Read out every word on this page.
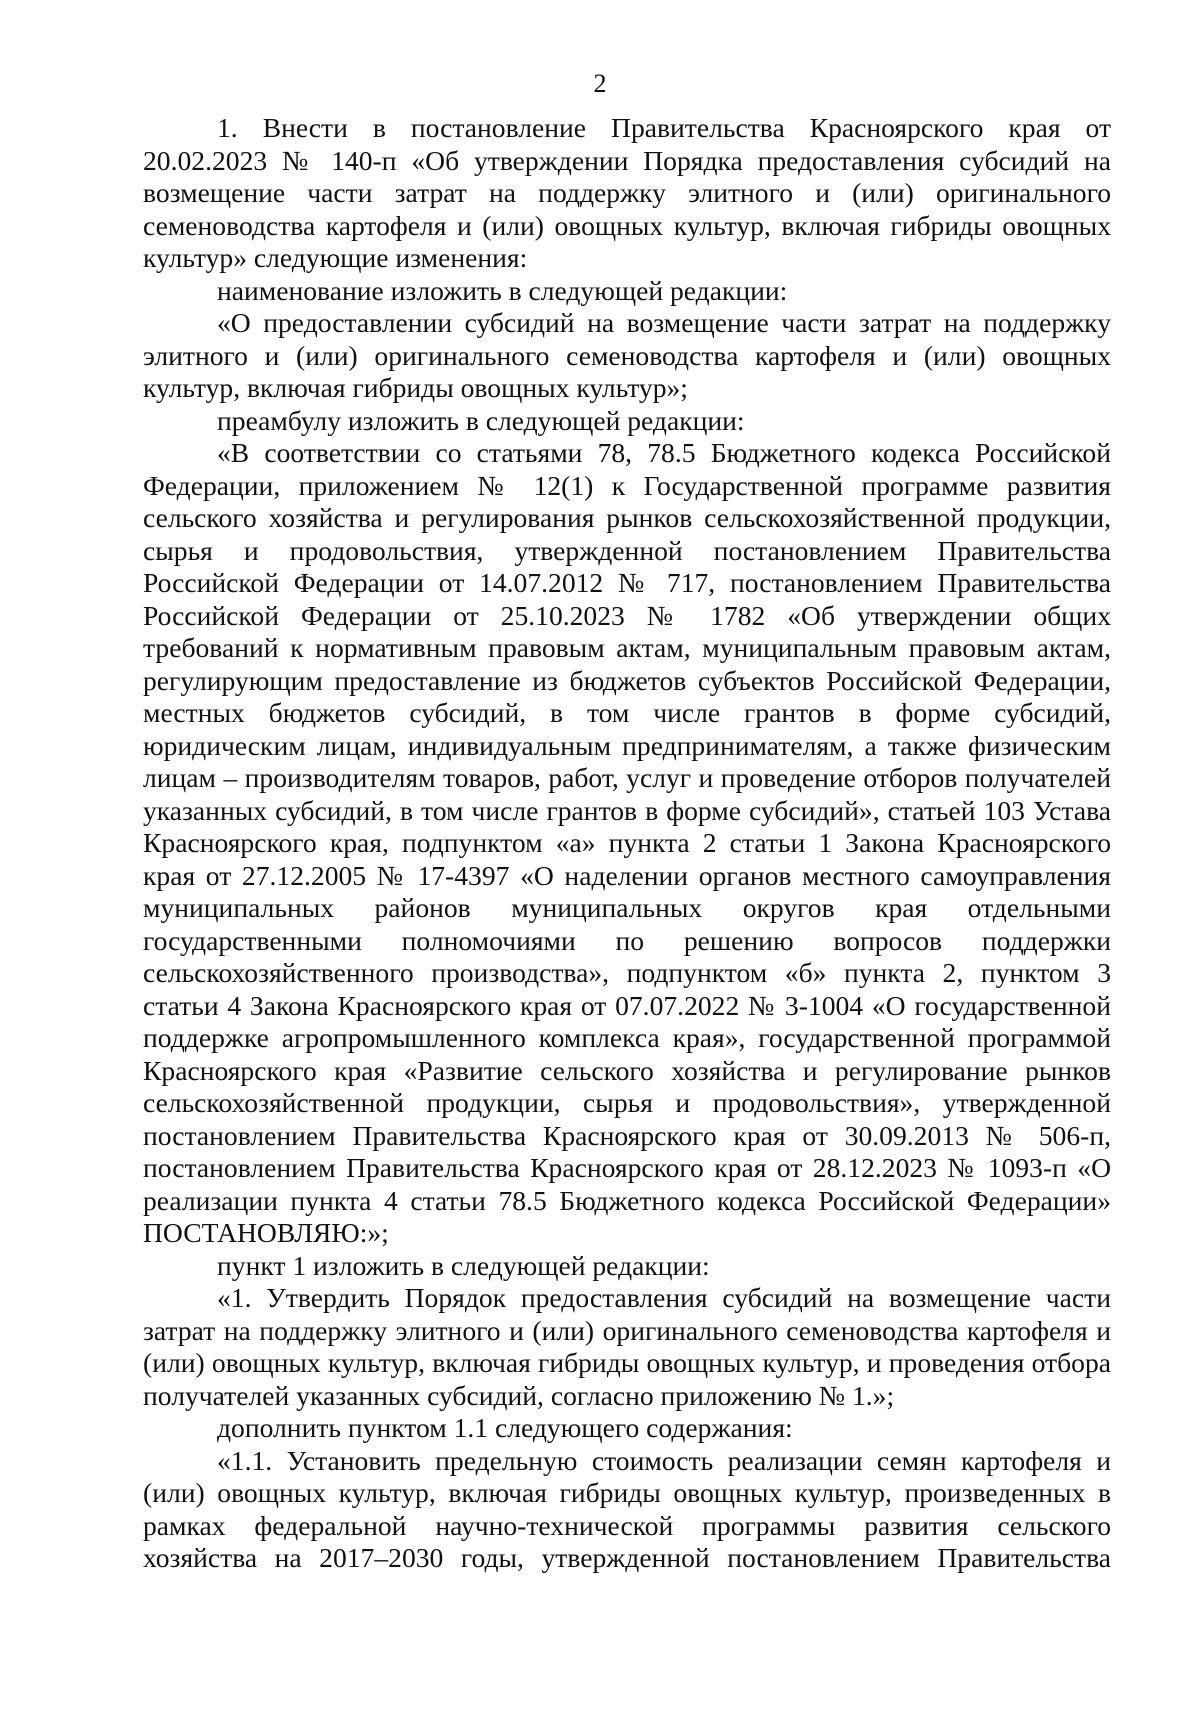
2

1. Внести в постановление Правительства Красноярского края от 20.02.2023 № 140-п «Об утверждении Порядка предоставления субсидий на возмещение части затрат на поддержку элитного и (или) оригинального семеноводства картофеля и (или) овощных культур, включая гибриды овощных культур» следующие изменения:

наименование изложить в следующей редакции:

«О предоставлении субсидий на возмещение части затрат на поддержку элитного и (или) оригинального семеноводства картофеля и (или) овощных культур, включая гибриды овощных культур»;

преамбулу изложить в следующей редакции:

«В соответствии со статьями 78, 78.5 Бюджетного кодекса Российской Федерации, приложением № 12(1) к Государственной программе развития сельского хозяйства и регулирования рынков сельскохозяйственной продукции, сырья и продовольствия, утвержденной постановлением Правительства Российской Федерации от 14.07.2012 № 717, постановлением Правительства Российской Федерации от 25.10.2023 № 1782 «Об утверждении общих требований к нормативным правовым актам, муниципальным правовым актам, регулирующим предоставление из бюджетов субъектов Российской Федерации, местных бюджетов субсидий, в том числе грантов в форме субсидий, юридическим лицам, индивидуальным предпринимателям, а также физическим лицам – производителям товаров, работ, услуг и проведение отборов получателей указанных субсидий, в том числе грантов в форме субсидий», статьей 103 Устава Красноярского края, подпунктом «а» пункта 2 статьи 1 Закона Красноярского края от 27.12.2005 № 17-4397 «О наделении органов местного самоуправления муниципальных районов муниципальных округов края отдельными государственными полномочиями по решению вопросов поддержки сельскохозяйственного производства», подпунктом «б» пункта 2, пунктом 3 статьи 4 Закона Красноярского края от 07.07.2022 № 3-1004 «О государственной поддержке агропромышленного комплекса края», государственной программой Красноярского края «Развитие сельского хозяйства и регулирование рынков сельскохозяйственной продукции, сырья и продовольствия», утвержденной постановлением Правительства Красноярского края от 30.09.2013 № 506-п, постановлением Правительства Красноярского края от 28.12.2023 № 1093-п «О реализации пункта 4 статьи 78.5 Бюджетного кодекса Российской Федерации» ПОСТАНОВЛЯЮ:»;

пункт 1 изложить в следующей редакции:

«1. Утвердить Порядок предоставления субсидий на возмещение части затрат на поддержку элитного и (или) оригинального семеноводства картофеля и (или) овощных культур, включая гибриды овощных культур, и проведения отбора получателей указанных субсидий, согласно приложению № 1.»;

дополнить пунктом 1.1 следующего содержания:

«1.1. Установить предельную стоимость реализации семян картофеля и (или) овощных культур, включая гибриды овощных культур, произведенных в рамках федеральной научно-технической программы развития сельского хозяйства на 2017–2030 годы, утвержденной постановлением Правительства
